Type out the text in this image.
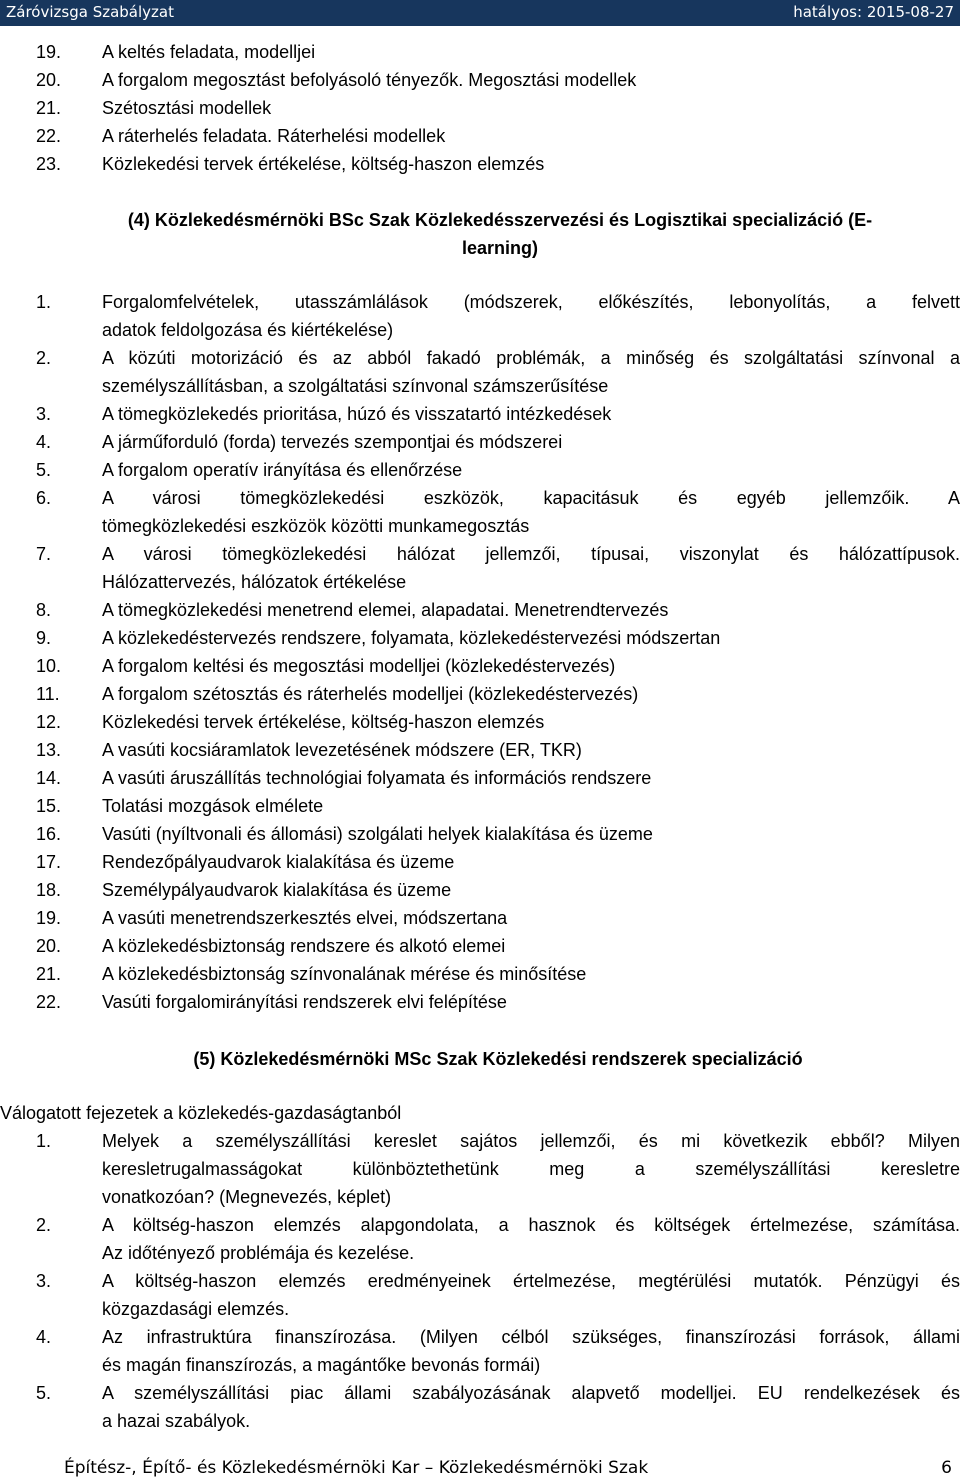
Záróvizsga Szabályzat	hatályos: 2015-08-27
19. A keltés feladata, modelljei
20. A forgalom megosztást befolyásoló tényezők. Megosztási modellek
21. Szétosztási modellek
22. A ráterhelés feladata. Ráterhelési modellek
23. Közlekedési tervek értékelése, költség-haszon elemzés
(4) Közlekedésmérnöki BSc Szak Közlekedésszervezési és Logisztikai specializáció (E-
learning)
1.	Forgalomfelvételek, utasszámlálások (módszerek, előkészítés, lebonyolítás, a felvett
adatok feldolgozása és kiértékelése)
2.	A közúti motorizáció és az abból fakadó problémák, a minőség és szolgáltatási színvonal a
személyszállításban, a szolgáltatási színvonal számszerűsítése
3.	A tömegközlekedés prioritása, húzó és visszatartó intézkedések
4.	A járműforduló (forda) tervezés szempontjai és módszerei
5.	A forgalom operatív irányítása és ellenőrzése
6.	A városi tömegközlekedési eszközök, kapacitásuk és egyéb jellemzőik. A
tömegközlekedési eszközök közötti munkamegosztás
7.	A városi tömegközlekedési hálózat jellemzői, típusai, viszonylat és hálózattípusok.
Hálózattervezés, hálózatok értékelése
8.	A tömegközlekedési menetrend elemei, alapadatai. Menetrendtervezés
9.	A közlekedéstervezés rendszere, folyamata, közlekedéstervezési módszertan
10. A forgalom keltési és megosztási modelljei (közlekedéstervezés)
11. A forgalom szétosztás és ráterhelés modelljei (közlekedéstervezés)
12. Közlekedési tervek értékelése, költség-haszon elemzés
13. A vasúti kocsiáramlatok levezetésének módszere (ER, TKR)
14. A vasúti áruszállítás technológiai folyamata és információs rendszere
15. Tolatási mozgások elmélete
16. Vasúti (nyíltvonali és állomási) szolgálati helyek kialakítása és üzeme
17. Rendezőpályaudvarok kialakítása és üzeme
18. Személypályaudvarok kialakítása és üzeme
19. A vasúti menetrendszerkesztés elvei, módszertana
20. A közlekedésbiztonság rendszere és alkotó elemei
21. A közlekedésbiztonság színvonalának mérése és minősítése
22. Vasúti forgalomirányítási rendszerek elvi felépítése
(5) Közlekedésmérnöki MSc Szak Közlekedési rendszerek specializáció
Válogatott fejezetek a közlekedés-gazdaságtanból
1.	Melyek a személyszállítási kereslet sajátos jellemzői, és mi következik ebből? Milyen
keresletrugalmasságokat különböztethetünk meg a személyszállítási keresletre
vonatkozóan? (Megnevezés, képlet)
2.	A költség-haszon elemzés alapgondolata, a hasznok és költségek értelmezése, számítása.
Az időtényező problémája és kezelése.
3.	A költség-haszon elemzés eredményeinek értelmezése, megtérülési mutatók. Pénzügyi és
közgazdasági elemzés.
4.	Az infrastruktúra finanszírozása. (Milyen célból szükséges, finanszírozási források, állami
és magán finanszírozás, a magántőke bevonás formái)
5.	A személyszállítási piac állami szabályozásának alapvető modelljei. EU rendelkezések és
a hazai szabályok.
Építész-, Építő- és Közlekedésmérnöki Kar – Közlekedésmérnöki Szak	6
